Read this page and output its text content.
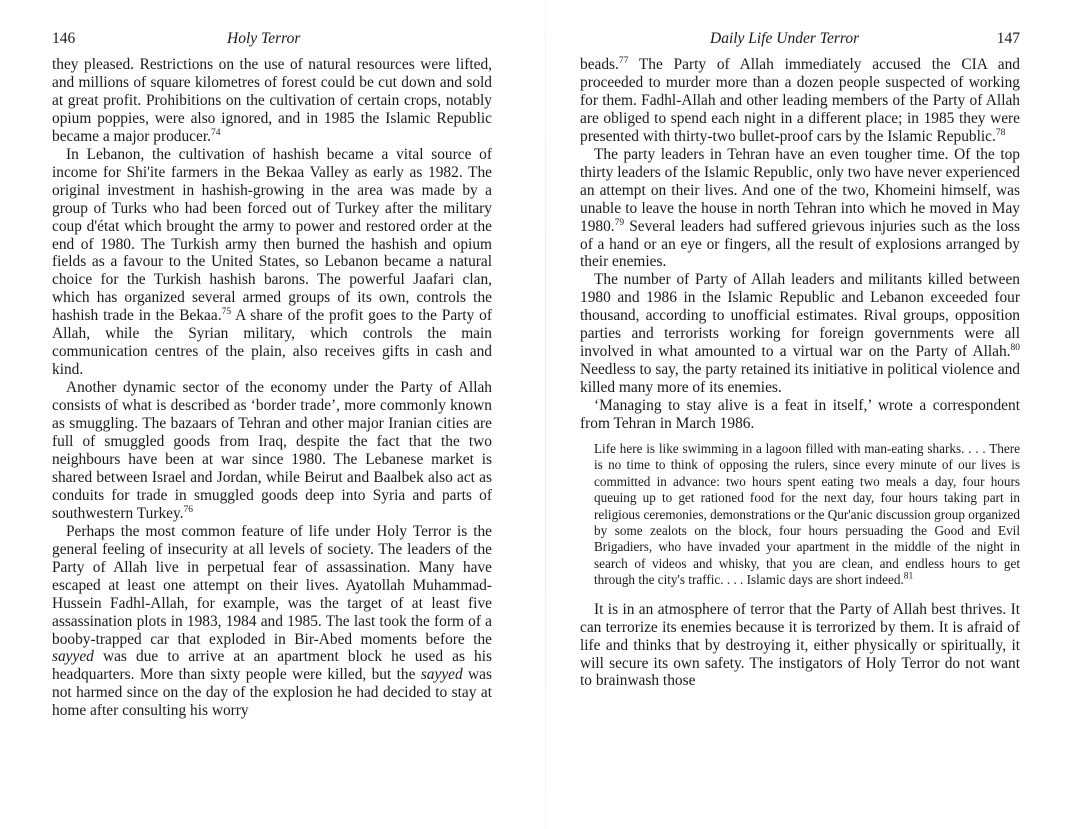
146	Holy Terror

they pleased. Restrictions on the use of natural resources were lifted, and millions of square kilometres of forest could be cut down and sold at great profit. Prohibitions on the cultivation of certain crops, notably opium poppies, were also ignored, and in 1985 the Islamic Republic became a major producer.$^{74}$

In Lebanon, the cultivation of hashish became a vital source of income for Shi'ite farmers in the Bekaa Valley as early as 1982. The original investment in hashish-growing in the area was made by a group of Turks who had been forced out of Turkey after the military coup d'état which brought the army to power and restored order at the end of 1980. The Turkish army then burned the hashish and opium fields as a favour to the United States, so Lebanon became a natural choice for the Turkish hashish barons. The powerful Jaafari clan, which has organized several armed groups of its own, controls the hashish trade in the Bekaa.$^{75}$ A share of the profit goes to the Party of Allah, while the Syrian military, which controls the main communication centres of the plain, also receives gifts in cash and kind.

Another dynamic sector of the economy under the Party of Allah consists of what is described as ‘border trade’, more commonly known as smuggling. The bazaars of Tehran and other major Iranian cities are full of smuggled goods from Iraq, despite the fact that the two neighbours have been at war since 1980. The Lebanese market is shared between Israel and Jordan, while Beirut and Baalbek also act as conduits for trade in smuggled goods deep into Syria and parts of southwestern Turkey.$^{76}$

Perhaps the most common feature of life under Holy Terror is the general feeling of insecurity at all levels of society. The leaders of the Party of Allah live in perpetual fear of assassination. Many have escaped at least one attempt on their lives. Ayatollah Muhammad-Hussein Fadhl-Allah, for example, was the target of at least five assassination plots in 1983, 1984 and 1985. The last took the form of a booby-trapped car that exploded in Bir-Abed moments before the sayyed was due to arrive at an apartment block he used as his headquarters. More than sixty people were killed, but the sayyed was not harmed since on the day of the explosion he had decided to stay at home after consulting his worry

Daily Life Under Terror	147

beads.$^{77}$ The Party of Allah immediately accused the CIA and proceeded to murder more than a dozen people suspected of working for them. Fadhl-Allah and other leading members of the Party of Allah are obliged to spend each night in a different place; in 1985 they were presented with thirty-two bullet-proof cars by the Islamic Republic.$^{78}$

The party leaders in Tehran have an even tougher time. Of the top thirty leaders of the Islamic Republic, only two have never experienced an attempt on their lives. And one of the two, Khomeini himself, was unable to leave the house in north Tehran into which he moved in May 1980.79 Several leaders had suffered grievous injuries such as the loss of a hand or an eye or fingers, all the result of explosions arranged by their enemies.

The number of Party of Allah leaders and militants killed between 1980 and 1986 in the Islamic Republic and Lebanon exceeded four thousand, according to unofficial estimates. Rival groups, opposition parties and terrorists working for foreign governments were all involved in what amounted to a virtual war on the Party of Allah.$^{80}$ Needless to say, the party retained its initiative in political violence and killed many more of its enemies.

‘Managing to stay alive is a feat in itself,’ wrote a correspondent from Tehran in March 1986.

Life here is like swimming in a lagoon filled with man-eating sharks. . . . There is no time to think of opposing the rulers, since every minute of our lives is committed in advance: two hours spent eating two meals a day, four hours queuing up to get rationed food for the next day, four hours taking part in religious ceremonies, demonstrations or the Qur'anic discussion group organized by some zealots on the block, four hours persuading the Good and Evil Brigadiers, who have invaded your apartment in the middle of the night in search of videos and whisky, that you are clean, and endless hours to get through the city's traffic. . . . Islamic days are short indeed.$^{81}$

It is in an atmosphere of terror that the Party of Allah best thrives. It can terrorize its enemies because it is terrorized by them. It is afraid of life and thinks that by destroying it, either physically or spiritually, it will secure its own safety. The instigators of Holy Terror do not want to brainwash those
